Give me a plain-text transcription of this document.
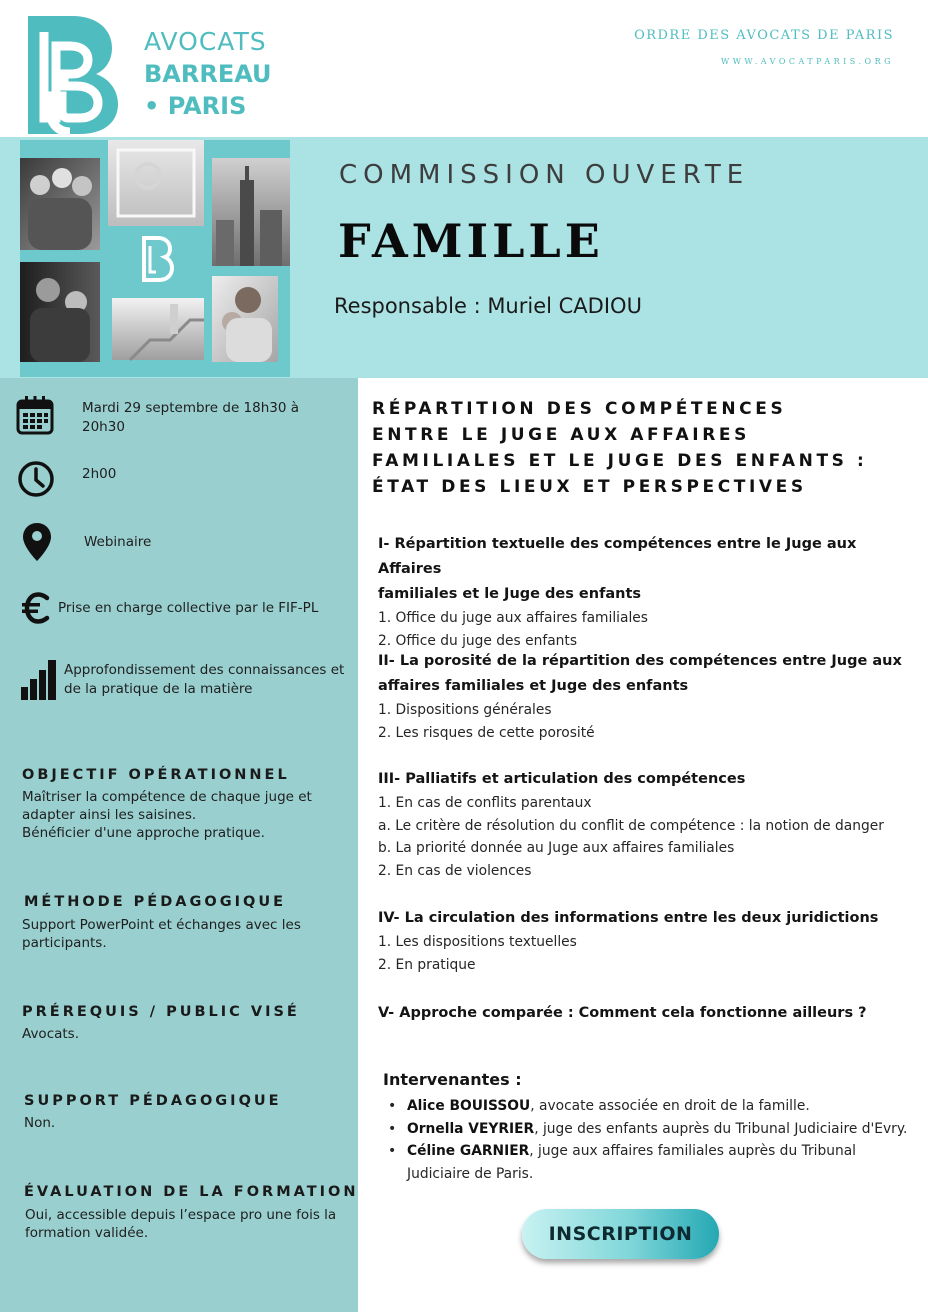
AVOCATS
BARREAU
• PARIS
ORDRE DES AVOCATS DE PARIS
WWW.AVOCATPARIS.ORG
COMMISSION OUVERTE
FAMILLE
Responsable : Muriel CADIOU
Mardi 29 septembre de 18h30 à
20h30
2h00
Webinaire
Prise en charge collective par le FIF-PL
Approfondissement des connaissances et
de la pratique de la matière
OBJECTIF OPÉRATIONNEL
Maîtriser la compétence de chaque juge et
adapter ainsi les saisines.
Bénéficier d'une approche pratique.
MÉTHODE PÉDAGOGIQUE
Support PowerPoint et échanges avec les
participants.
PRÉREQUIS / PUBLIC VISÉ
Avocats.
SUPPORT PÉDAGOGIQUE
Non.
ÉVALUATION DE LA FORMATION
Oui, accessible depuis l’espace pro une fois la
formation validée.
RÉPARTITION DES COMPÉTENCES
ENTRE LE JUGE AUX AFFAIRES
FAMILIALES ET LE JUGE DES ENFANTS :
ÉTAT DES LIEUX ET PERSPECTIVES
I- Répartition textuelle des compétences entre le Juge aux Affaires
familiales et le Juge des enfants
1. Office du juge aux affaires familiales
2. Office du juge des enfants
II- La porosité de la répartition des compétences entre Juge aux
affaires familiales et Juge des enfants
1. Dispositions générales
2. Les risques de cette porosité
III- Palliatifs et articulation des compétences
1. En cas de conflits parentaux
a. Le critère de résolution du conflit de compétence : la notion de danger
b. La priorité donnée au Juge aux affaires familiales
2. En cas de violences
IV- La circulation des informations entre les deux juridictions
1. Les dispositions textuelles
2. En pratique
V- Approche comparée : Comment cela fonctionne ailleurs ?
Intervenantes :
• Alice BOUISSOU, avocate associée en droit de la famille.
• Ornella VEYRIER, juge des enfants auprès du Tribunal Judiciaire d'Evry.
• Céline GARNIER, juge aux affaires familiales auprès du Tribunal Judiciaire de Paris.
INSCRIPTION
